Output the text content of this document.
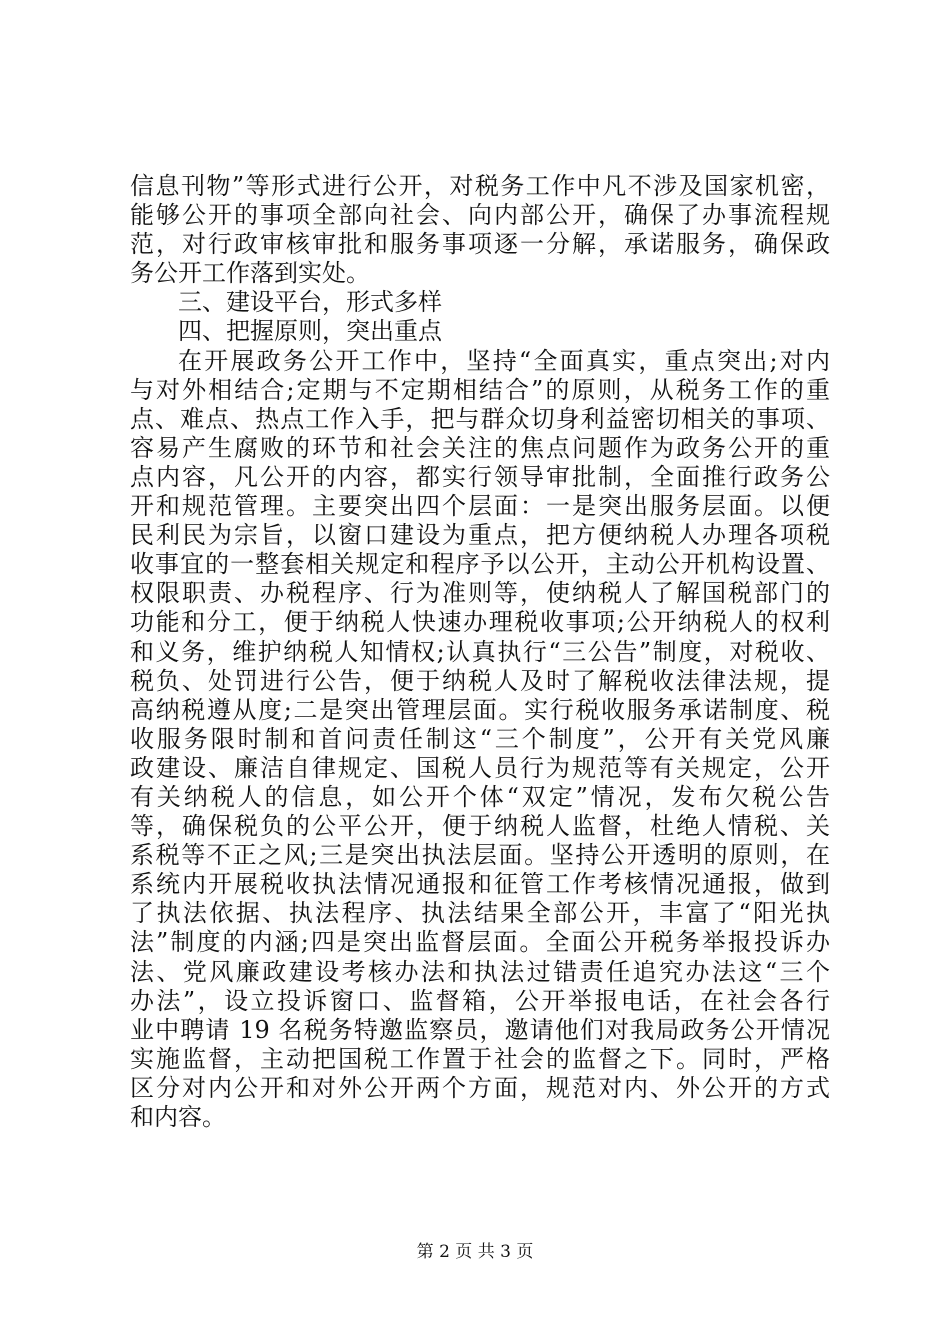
信息刊物”等形式进行公开，对税务工作中凡不涉及国家机密，
能够公开的事项全部向社会、向内部公开，确保了办事流程规
范，对行政审核审批和服务事项逐一分解，承诺服务，确保政
务公开工作落到实处。
三、建设平台，形式多样
四、把握原则，突出重点
在开展政务公开工作中，坚持“全面真实，重点突出;对内
与对外相结合;定期与不定期相结合”的原则，从税务工作的重
点、难点、热点工作入手，把与群众切身利益密切相关的事项、
容易产生腐败的环节和社会关注的焦点问题作为政务公开的重
点内容，凡公开的内容，都实行领导审批制，全面推行政务公
开和规范管理。主要突出四个层面：一是突出服务层面。以便
民利民为宗旨，以窗口建设为重点，把方便纳税人办理各项税
收事宜的一整套相关规定和程序予以公开，主动公开机构设置、
权限职责、办税程序、行为准则等，使纳税人了解国税部门的
功能和分工，便于纳税人快速办理税收事项;公开纳税人的权利
和义务，维护纳税人知情权;认真执行“三公告”制度，对税收、
税负、处罚进行公告，便于纳税人及时了解税收法律法规，提
高纳税遵从度;二是突出管理层面。实行税收服务承诺制度、税
收服务限时制和首问责任制这“三个制度”，公开有关党风廉
政建设、廉洁自律规定、国税人员行为规范等有关规定，公开
有关纳税人的信息，如公开个体“双定”情况，发布欠税公告
等，确保税负的公平公开，便于纳税人监督，杜绝人情税、关
系税等不正之风;三是突出执法层面。坚持公开透明的原则，在
系统内开展税收执法情况通报和征管工作考核情况通报，做到
了执法依据、执法程序、执法结果全部公开，丰富了“阳光执
法”制度的内涵;四是突出监督层面。全面公开税务举报投诉办
法、党风廉政建设考核办法和执法过错责任追究办法这“三个
办法”，设立投诉窗口、监督箱，公开举报电话，在社会各行
业中聘请 19 名税务特邀监察员，邀请他们对我局政务公开情况
实施监督，主动把国税工作置于社会的监督之下。同时，严格
区分对内公开和对外公开两个方面，规范对内、外公开的方式
和内容。
第 2 页 共 3 页
